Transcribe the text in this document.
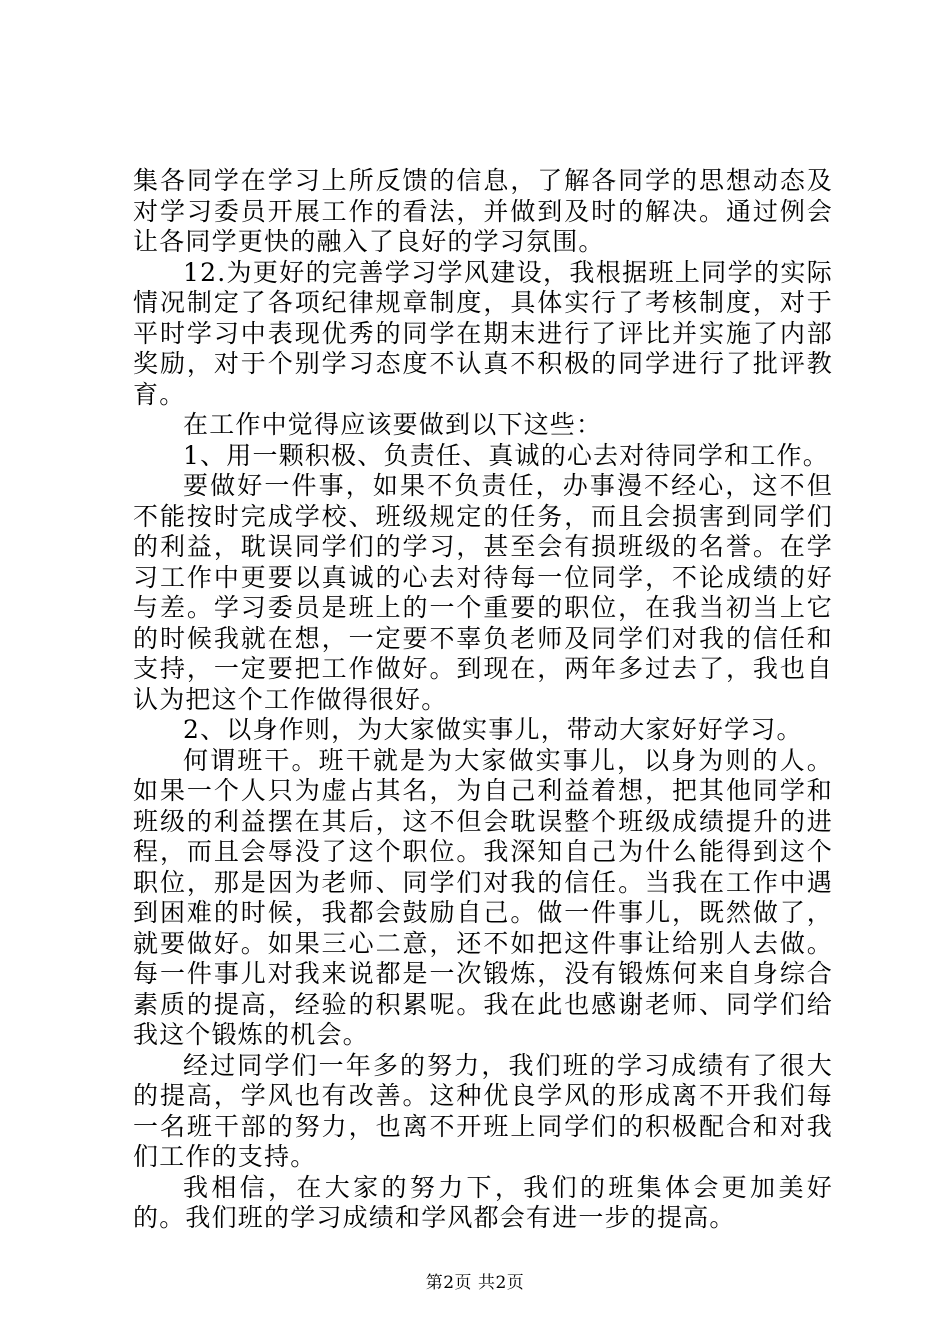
集各同学在学习上所反馈的信息，了解各同学的思想动态及对学习委员开展工作的看法，并做到及时的解决。通过例会让各同学更快的融入了良好的学习氛围。

12.为更好的完善学习学风建设，我根据班上同学的实际情况制定了各项纪律规章制度，具体实行了考核制度，对于平时学习中表现优秀的同学在期末进行了评比并实施了内部奖励，对于个别学习态度不认真不积极的同学进行了批评教育。

在工作中觉得应该要做到以下这些：

1、用一颗积极、负责任、真诚的心去对待同学和工作。

要做好一件事，如果不负责任，办事漫不经心，这不但不能按时完成学校、班级规定的任务，而且会损害到同学们的利益，耽误同学们的学习，甚至会有损班级的名誉。在学习工作中更要以真诚的心去对待每一位同学，不论成绩的好与差。学习委员是班上的一个重要的职位，在我当初当上它的时候我就在想，一定要不辜负老师及同学们对我的信任和支持，一定要把工作做好。到现在，两年多过去了，我也自认为把这个工作做得很好。

2、以身作则，为大家做实事儿，带动大家好好学习。

何谓班干。班干就是为大家做实事儿，以身为则的人。如果一个人只为虚占其名，为自己利益着想，把其他同学和班级的利益摆在其后，这不但会耽误整个班级成绩提升的进程，而且会辱没了这个职位。我深知自己为什么能得到这个职位，那是因为老师、同学们对我的信任。当我在工作中遇到困难的时候，我都会鼓励自己。做一件事儿，既然做了，就要做好。如果三心二意，还不如把这件事让给别人去做。每一件事儿对我来说都是一次锻炼，没有锻炼何来自身综合素质的提高，经验的积累呢。我在此也感谢老师、同学们给我这个锻炼的机会。

经过同学们一年多的努力，我们班的学习成绩有了很大的提高，学风也有改善。这种优良学风的形成离不开我们每一名班干部的努力，也离不开班上同学们的积极配合和对我们工作的支持。

我相信，在大家的努力下，我们的班集体会更加美好的。我们班的学习成绩和学风都会有进一步的提高。

第2页 共2页
